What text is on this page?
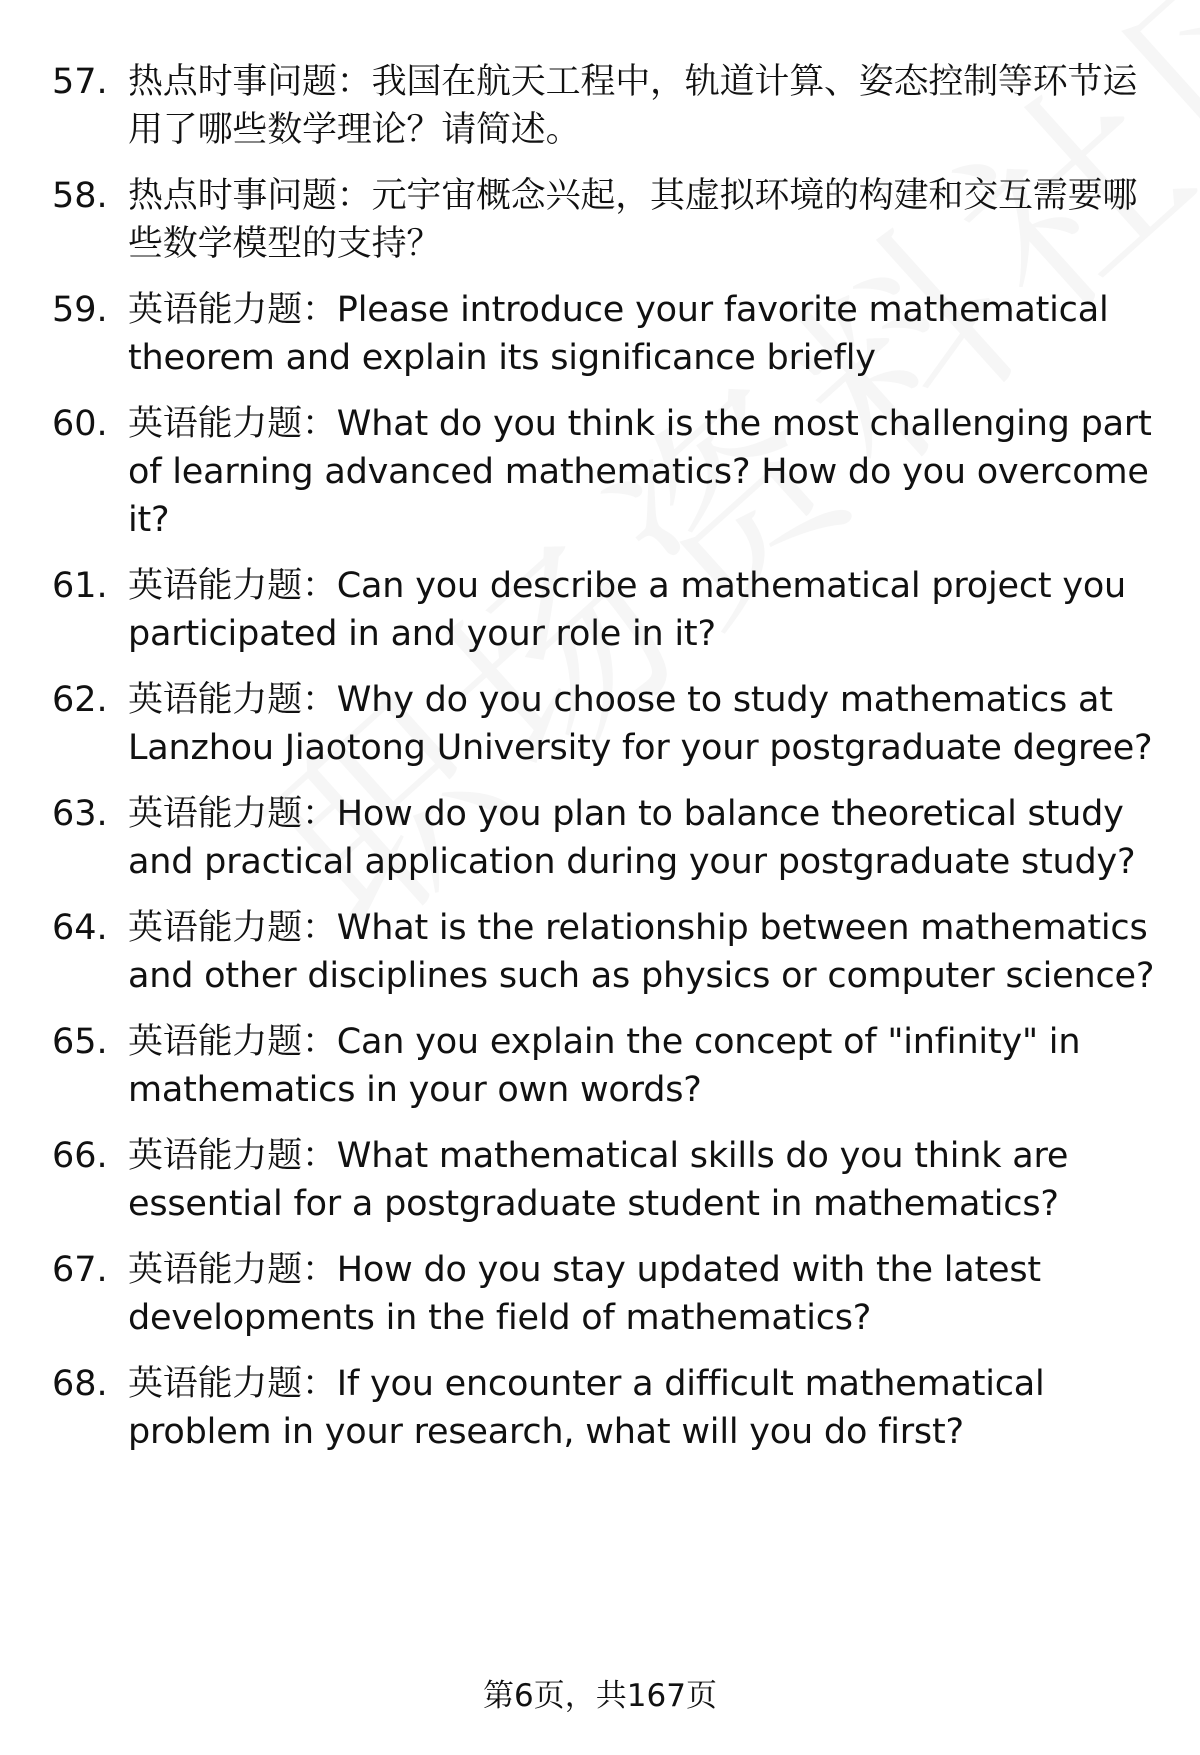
57. 热点时事问题：我国在航天工程中，轨道计算、姿态控制等环节运用了哪些数学理论？请简述。
58. 热点时事问题：元宇宙概念兴起，其虚拟环境的构建和交互需要哪些数学模型的支持？
59. 英语能力题：Please introduce your favorite mathematical theorem and explain its significance briefly
60. 英语能力题：What do you think is the most challenging part of learning advanced mathematics? How do you overcome it?
61. 英语能力题：Can you describe a mathematical project you participated in and your role in it?
62. 英语能力题：Why do you choose to study mathematics at Lanzhou Jiaotong University for your postgraduate degree?
63. 英语能力题：How do you plan to balance theoretical study and practical application during your postgraduate study?
64. 英语能力题：What is the relationship between mathematics and other disciplines such as physics or computer science?
65. 英语能力题：Can you explain the concept of "infinity" in mathematics in your own words?
66. 英语能力题：What mathematical skills do you think are essential for a postgraduate student in mathematics?
67. 英语能力题：How do you stay updated with the latest developments in the field of mathematics?
68. 英语能力题：If you encounter a difficult mathematical problem in your research, what will you do first?
第6页，共167页
